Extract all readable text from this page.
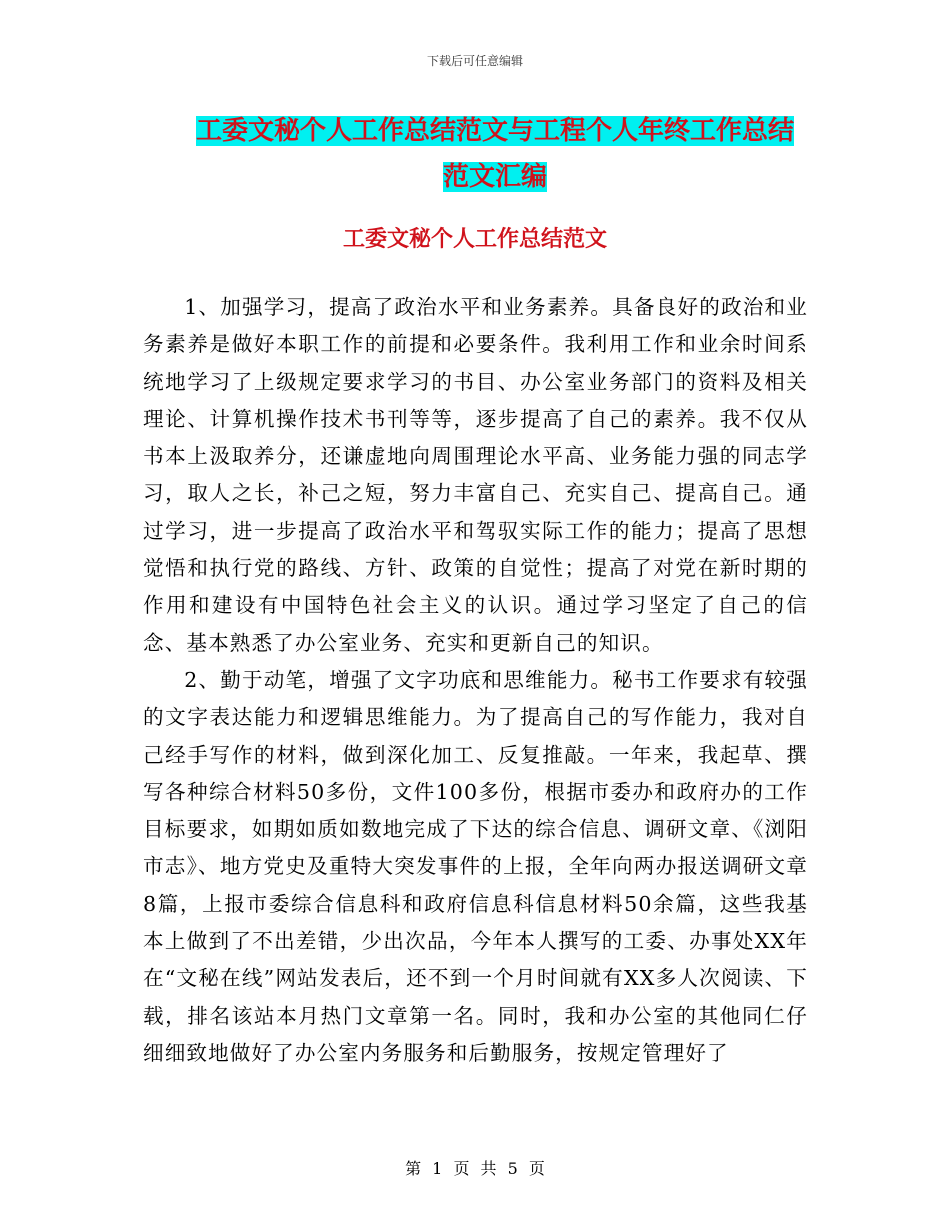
下载后可任意编辑
工委文秘个人工作总结范文与工程个人年终工作总结
范文汇编
工委文秘个人工作总结范文

1、加强学习，提高了政治水平和业务素养。具备良好的政治和业务素养是做好本职工作的前提和必要条件。我利用工作和业余时间系统地学习了上级规定要求学习的书目、办公室业务部门的资料及相关理论、计算机操作技术书刊等等，逐步提高了自己的素养。我不仅从书本上汲取养分，还谦虚地向周围理论水平高、业务能力强的同志学习，取人之长，补己之短，努力丰富自己、充实自己、提高自己。通过学习，进一步提高了政治水平和驾驭实际工作的能力；提高了思想觉悟和执行党的路线、方针、政策的自觉性；提高了对党在新时期的作用和建设有中国特色社会主义的认识。通过学习坚定了自己的信念、基本熟悉了办公室业务、充实和更新自己的知识。

2、勤于动笔，增强了文字功底和思维能力。秘书工作要求有较强的文字表达能力和逻辑思维能力。为了提高自己的写作能力，我对自己经手写作的材料，做到深化加工、反复推敲。一年来，我起草、撰写各种综合材料50多份，文件100多份，根据市委办和政府办的工作目标要求，如期如质如数地完成了下达的综合信息、调研文章、《浏阳市志》、地方党史及重特大突发事件的上报，全年向两办报送调研文章8篇，上报市委综合信息科和政府信息科信息材料50余篇，这些我基本上做到了不出差错，少出次品，今年本人撰写的工委、办事处XX年在“文秘在线”网站发表后，还不到一个月时间就有XX多人次阅读、下载，排名该站本月热门文章第一名。同时，我和办公室的其他同仁仔细细致地做好了办公室内务服务和后勤服务，按规定管理好了

第 1 页 共 5 页
